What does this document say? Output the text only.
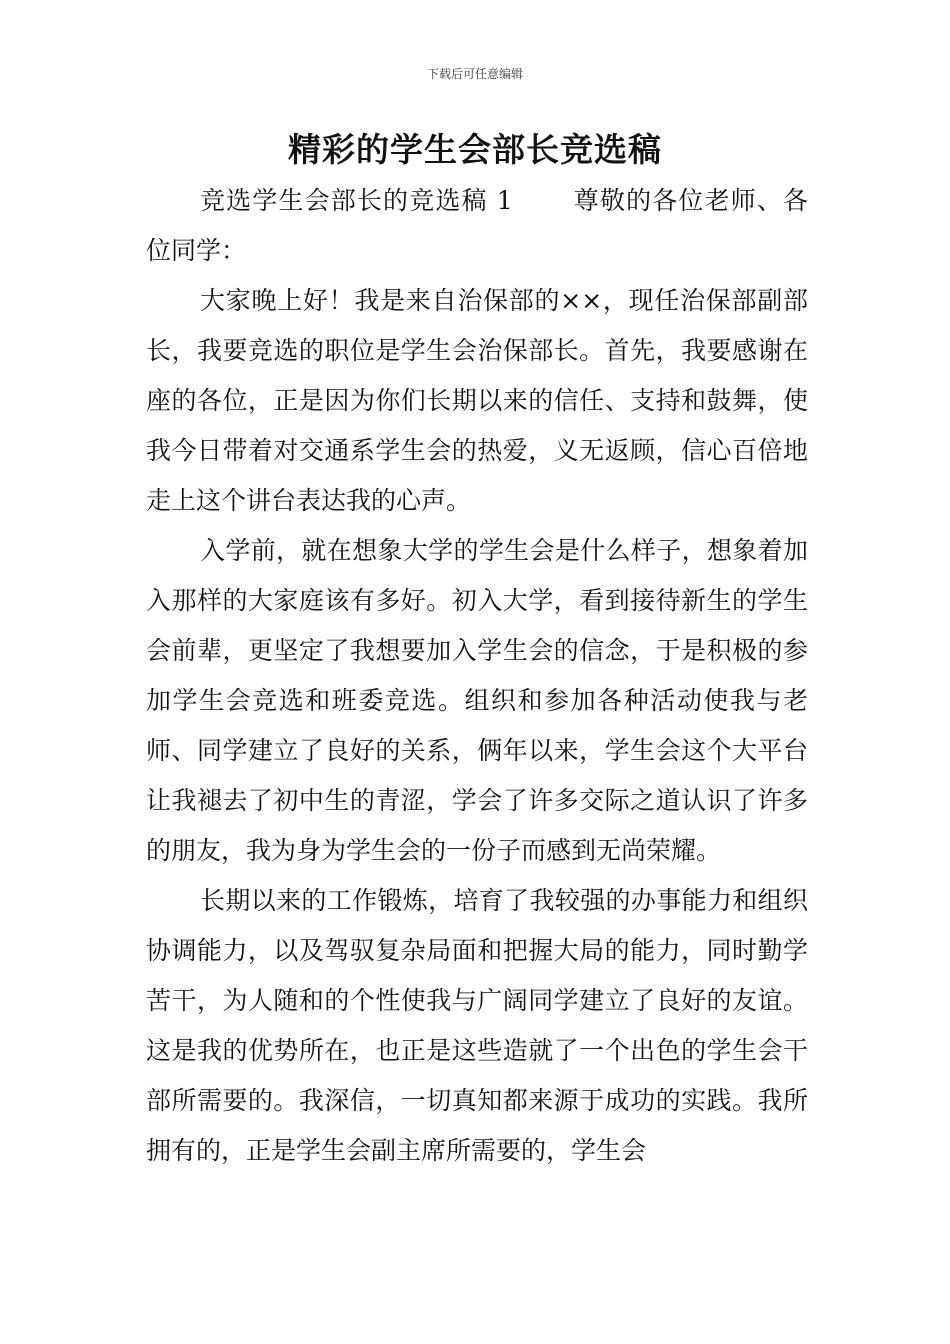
下载后可任意编辑
精彩的学生会部长竞选稿

竞选学生会部长的竞选稿 1 尊敬的各位老师、各位同学：

大家晚上好！我是来自治保部的××，现任治保部副部长，我要竞选的职位是学生会治保部长。首先，我要感谢在座的各位，正是因为你们长期以来的信任、支持和鼓舞，使我今日带着对交通系学生会的热爱，义无返顾，信心百倍地走上这个讲台表达我的心声。

入学前，就在想象大学的学生会是什么样子，想象着加入那样的大家庭该有多好。初入大学，看到接待新生的学生会前辈，更坚定了我想要加入学生会的信念，于是积极的参加学生会竞选和班委竞选。组织和参加各种活动使我与老师、同学建立了良好的关系，俩年以来，学生会这个大平台让我褪去了初中生的青涩，学会了许多交际之道认识了许多的朋友，我为身为学生会的一份子而感到无尚荣耀。

长期以来的工作锻炼，培育了我较强的办事能力和组织协调能力，以及驾驭复杂局面和把握大局的能力，同时勤学苦干，为人随和的个性使我与广阔同学建立了良好的友谊。这是我的优势所在，也正是这些造就了一个出色的学生会干部所需要的。我深信，一切真知都来源于成功的实践。我所拥有的，正是学生会副主席所需要的，学生会
